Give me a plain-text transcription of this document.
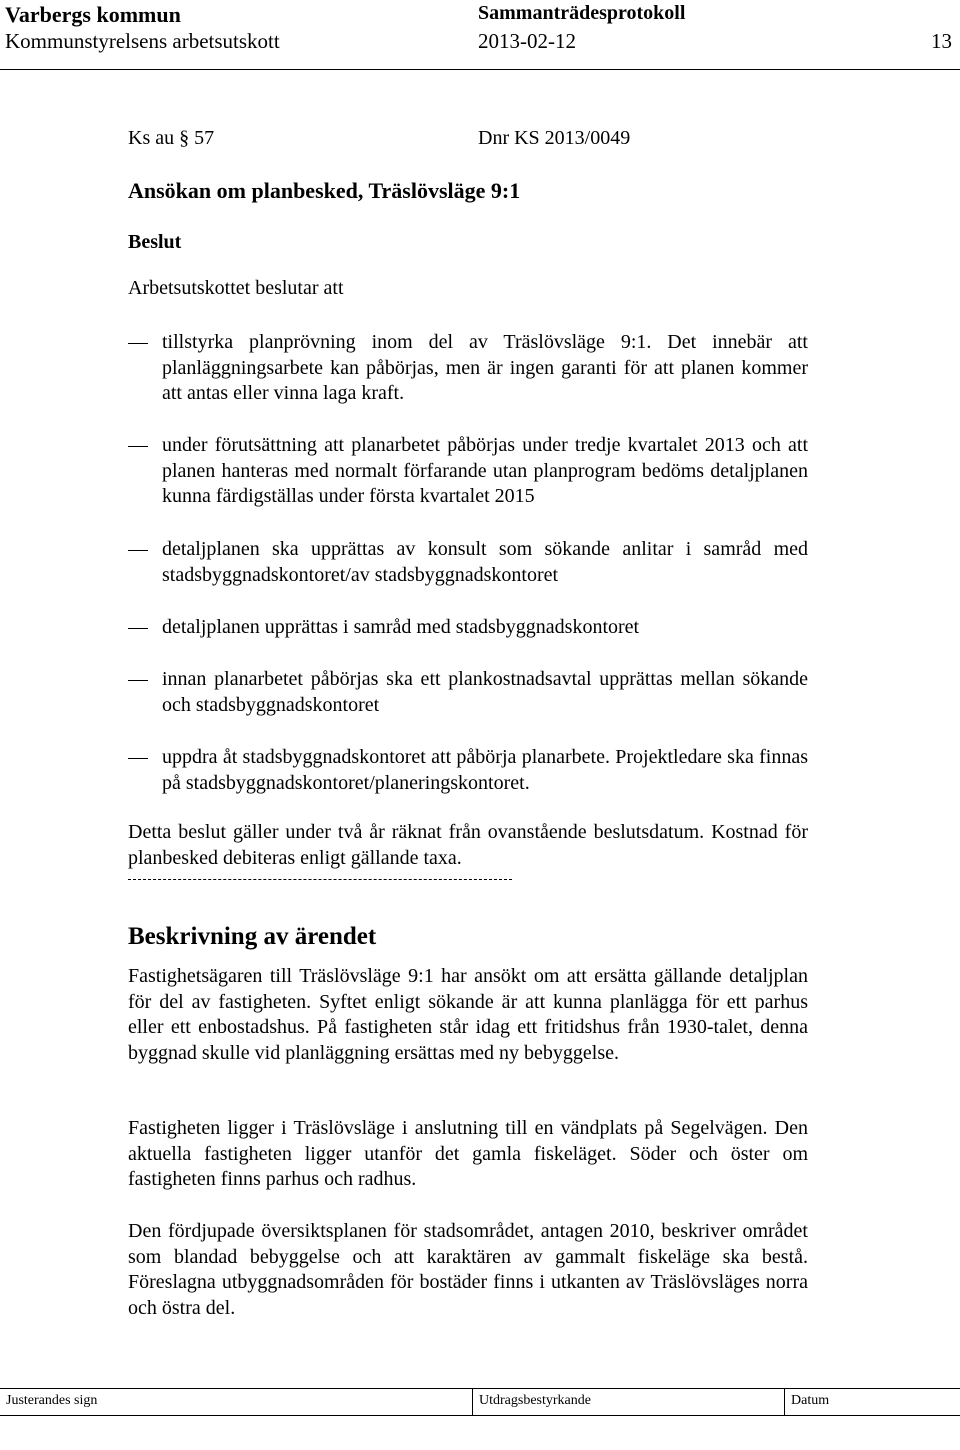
Varbergs kommun	Sammanträdesprotokoll
Kommunstyrelsens arbetsutskott	2013-02-12	13
Ks au § 57	Dnr KS 2013/0049
Ansökan om planbesked, Träslövsläge 9:1
Beslut
Arbetsutskottet beslutar att
tillstyrka planprövning inom del av Träslövsläge 9:1. Det innebär att planläggningsarbete kan påbörjas, men är ingen garanti för att planen kommer att antas eller vinna laga kraft.
under förutsättning att planarbetet påbörjas under tredje kvartalet 2013 och att planen hanteras med normalt förfarande utan planprogram bedöms detaljplanen kunna färdigställas under första kvartalet 2015
detaljplanen ska upprättas av konsult som sökande anlitar i samråd med stadsbyggnadskontoret/av stadsbyggnadskontoret
detaljplanen upprättas i samråd med stadsbyggnadskontoret
innan planarbetet påbörjas ska ett plankostnadsavtal upprättas mellan sökande och stadsbyggnadskontoret
uppdra åt stadsbyggnadskontoret att påbörja planarbete. Projektledare ska finnas på stadsbyggnadskontoret/planeringskontoret.
Detta beslut gäller under två år räknat från ovanstående beslutsdatum. Kostnad för planbesked debiteras enligt gällande taxa.
Beskrivning av ärendet
Fastighetsägaren till Träslövsläge 9:1 har ansökt om att ersätta gällande detaljplan för del av fastigheten. Syftet enligt sökande är att kunna planlägga för ett parhus eller ett enbostadshus. På fastigheten står idag ett fritidshus från 1930-talet, denna byggnad skulle vid planläggning ersättas med ny bebyggelse.
Fastigheten ligger i Träslövsläge i anslutning till en vändplats på Segelvägen. Den aktuella fastigheten ligger utanför det gamla fiskeläget. Söder och öster om fastigheten finns parhus och radhus.
Den fördjupade översiktsplanen för stadsområdet, antagen 2010, beskriver området som blandad bebyggelse och att karaktären av gammalt fiskeläge ska bestå. Föreslagna utbyggnadsområden för bostäder finns i utkanten av Träslövsläges norra och östra del.
Justerandes sign	Utdragsbestyrkande	Datum
